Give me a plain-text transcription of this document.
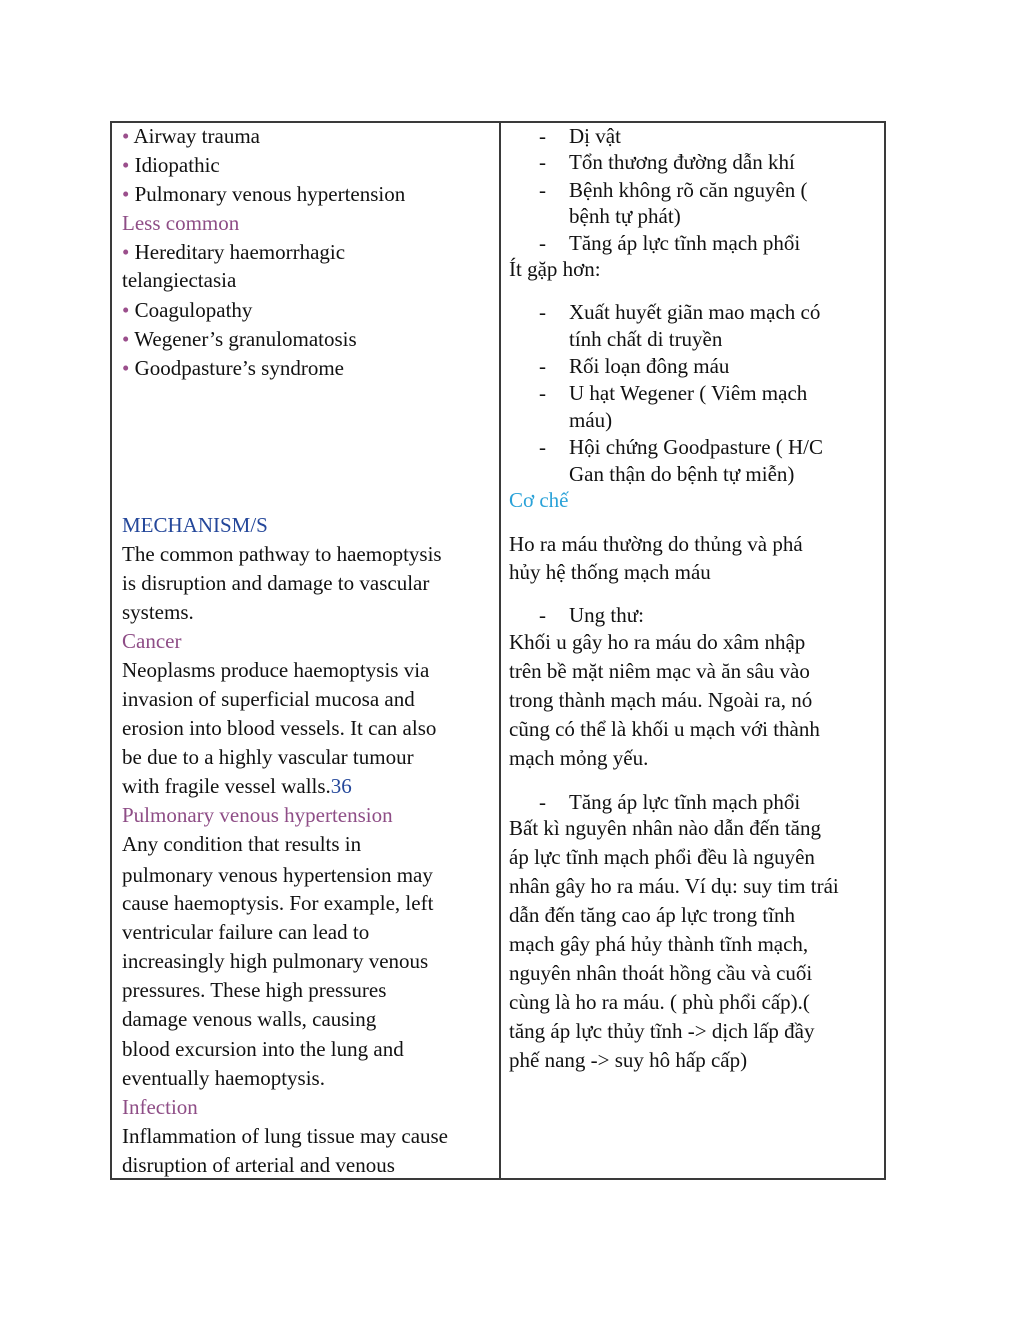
• Airway trauma
• Idiopathic
• Pulmonary venous hypertension
Less common
• Hereditary haemorrhagic
telangiectasia
• Coagulopathy
• Wegener’s granulomatosis
• Goodpasture’s syndrome
MECHANISM/S
The common pathway to haemoptysis
is disruption and damage to vascular
systems.
Cancer
Neoplasms produce haemoptysis via
invasion of superficial mucosa and
erosion into blood vessels. It can also
be due to a highly vascular tumour
with fragile vessel walls.36
Pulmonary venous hypertension
Any condition that results in
pulmonary venous hypertension may
cause haemoptysis. For example, left
ventricular failure can lead to
increasingly high pulmonary venous
pressures. These high pressures
damage venous walls, causing
blood excursion into the lung and
eventually haemoptysis.
Infection
Inflammation of lung tissue may cause
disruption of arterial and venous
-	Dị vật
-	Tổn thương đường dẫn khí
-	Bệnh không rõ căn nguyên (
bệnh tự phát)
-	Tăng áp lực tĩnh mạch phổi
Ít gặp hơn:
-	Xuất huyết giãn mao mạch có
tính chất di truyền
-	Rối loạn đông máu
-	U hạt Wegener ( Viêm mạch
máu)
-	Hội chứng Goodpasture ( H/C
Gan thận do bệnh tự miễn)
Cơ chế
Ho ra máu thường do thủng và phá
hủy hệ thống mạch máu
-	Ung thư:
Khối u gây ho ra máu do xâm nhập
trên bề mặt niêm mạc và ăn sâu vào
trong thành mạch máu. Ngoài ra, nó
cũng có thể là khối u mạch với thành
mạch mỏng yếu.
-	Tăng áp lực tĩnh mạch phổi
Bất kì nguyên nhân nào dẫn đến tăng
áp lực tĩnh mạch phổi đều là nguyên
nhân gây ho ra máu. Ví dụ: suy tim trái
dẫn đến tăng cao áp lực trong tĩnh
mạch gây phá hủy thành tĩnh mạch,
nguyên nhân thoát hồng cầu và cuối
cùng là ho ra máu. ( phù phổi cấp).(
tăng áp lực thủy tĩnh -> dịch lấp đầy
phế nang -> suy hô hấp cấp)
